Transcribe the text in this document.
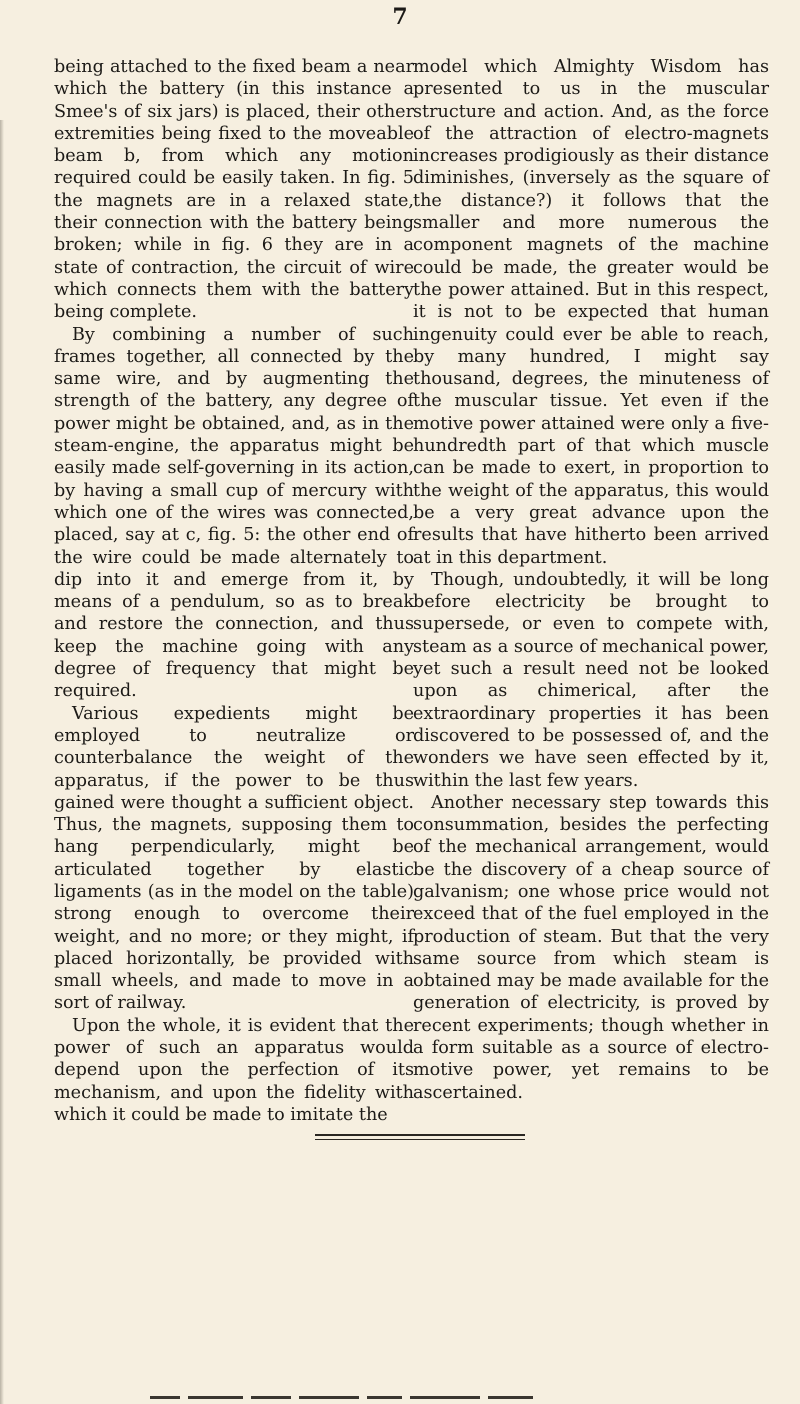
7

being attached to the fixed beam a near which the battery (in this instance a Smee's of six jars) is placed, their other extremities being fixed to the moveable beam b, from which any motion required could be easily taken. In fig. 5 the magnets are in a relaxed state, their connection with the battery being broken; while in fig. 6 they are in a state of contraction, the circuit of wire which connects them with the battery being complete.

By combining a number of such frames together, all connected by the same wire, and by augmenting the strength of the battery, any degree of power might be obtained, and, as in the steam-engine, the apparatus might be easily made self-governing in its action, by having a small cup of mercury with which one of the wires was connected, placed, say at c, fig. 5: the other end of the wire could be made alternately to dip into it and emerge from it, by means of a pendulum, so as to break and restore the connection, and thus keep the machine going with any degree of frequency that might be required.

Various expedients might be employed to neutralize or counterbalance the weight of the apparatus, if the power to be thus gained were thought a sufficient object. Thus, the magnets, supposing them to hang perpendicularly, might be articulated together by elastic ligaments (as in the model on the table) strong enough to overcome their weight, and no more; or they might, if placed horizontally, be provided with small wheels, and made to move in a sort of railway.

Upon the whole, it is evident that the power of such an apparatus would depend upon the perfection of its mechanism, and upon the fidelity with which it could be made to imitate the

model which Almighty Wisdom has presented to us in the muscular structure and action. And, as the force of the attraction of electro-magnets increases prodigiously as their distance diminishes, (inversely as the square of the distance?) it follows that the smaller and more numerous the component magnets of the machine could be made, the greater would be the power attained. But in this respect, it is not to be expected that human ingenuity could ever be able to reach, by many hundred, I might say thousand, degrees, the minuteness of the muscular tissue. Yet even if the motive power attained were only a five-hundredth part of that which muscle can be made to exert, in proportion to the weight of the apparatus, this would be a very great advance upon the results that have hitherto been arrived at in this department.

Though, undoubtedly, it will be long before electricity be brought to supersede, or even to compete with, steam as a source of mechanical power, yet such a result need not be looked upon as chimerical, after the extraordinary properties it has been discovered to be possessed of, and the wonders we have seen effected by it, within the last few years.

Another necessary step towards this consummation, besides the perfecting of the mechanical arrangement, would be the discovery of a cheap source of galvanism; one whose price would not exceed that of the fuel employed in the production of steam. But that the very same source from which steam is obtained may be made available for the generation of electricity, is proved by recent experiments; though whether in a form suitable as a source of electro-motive power, yet remains to be ascertained.
